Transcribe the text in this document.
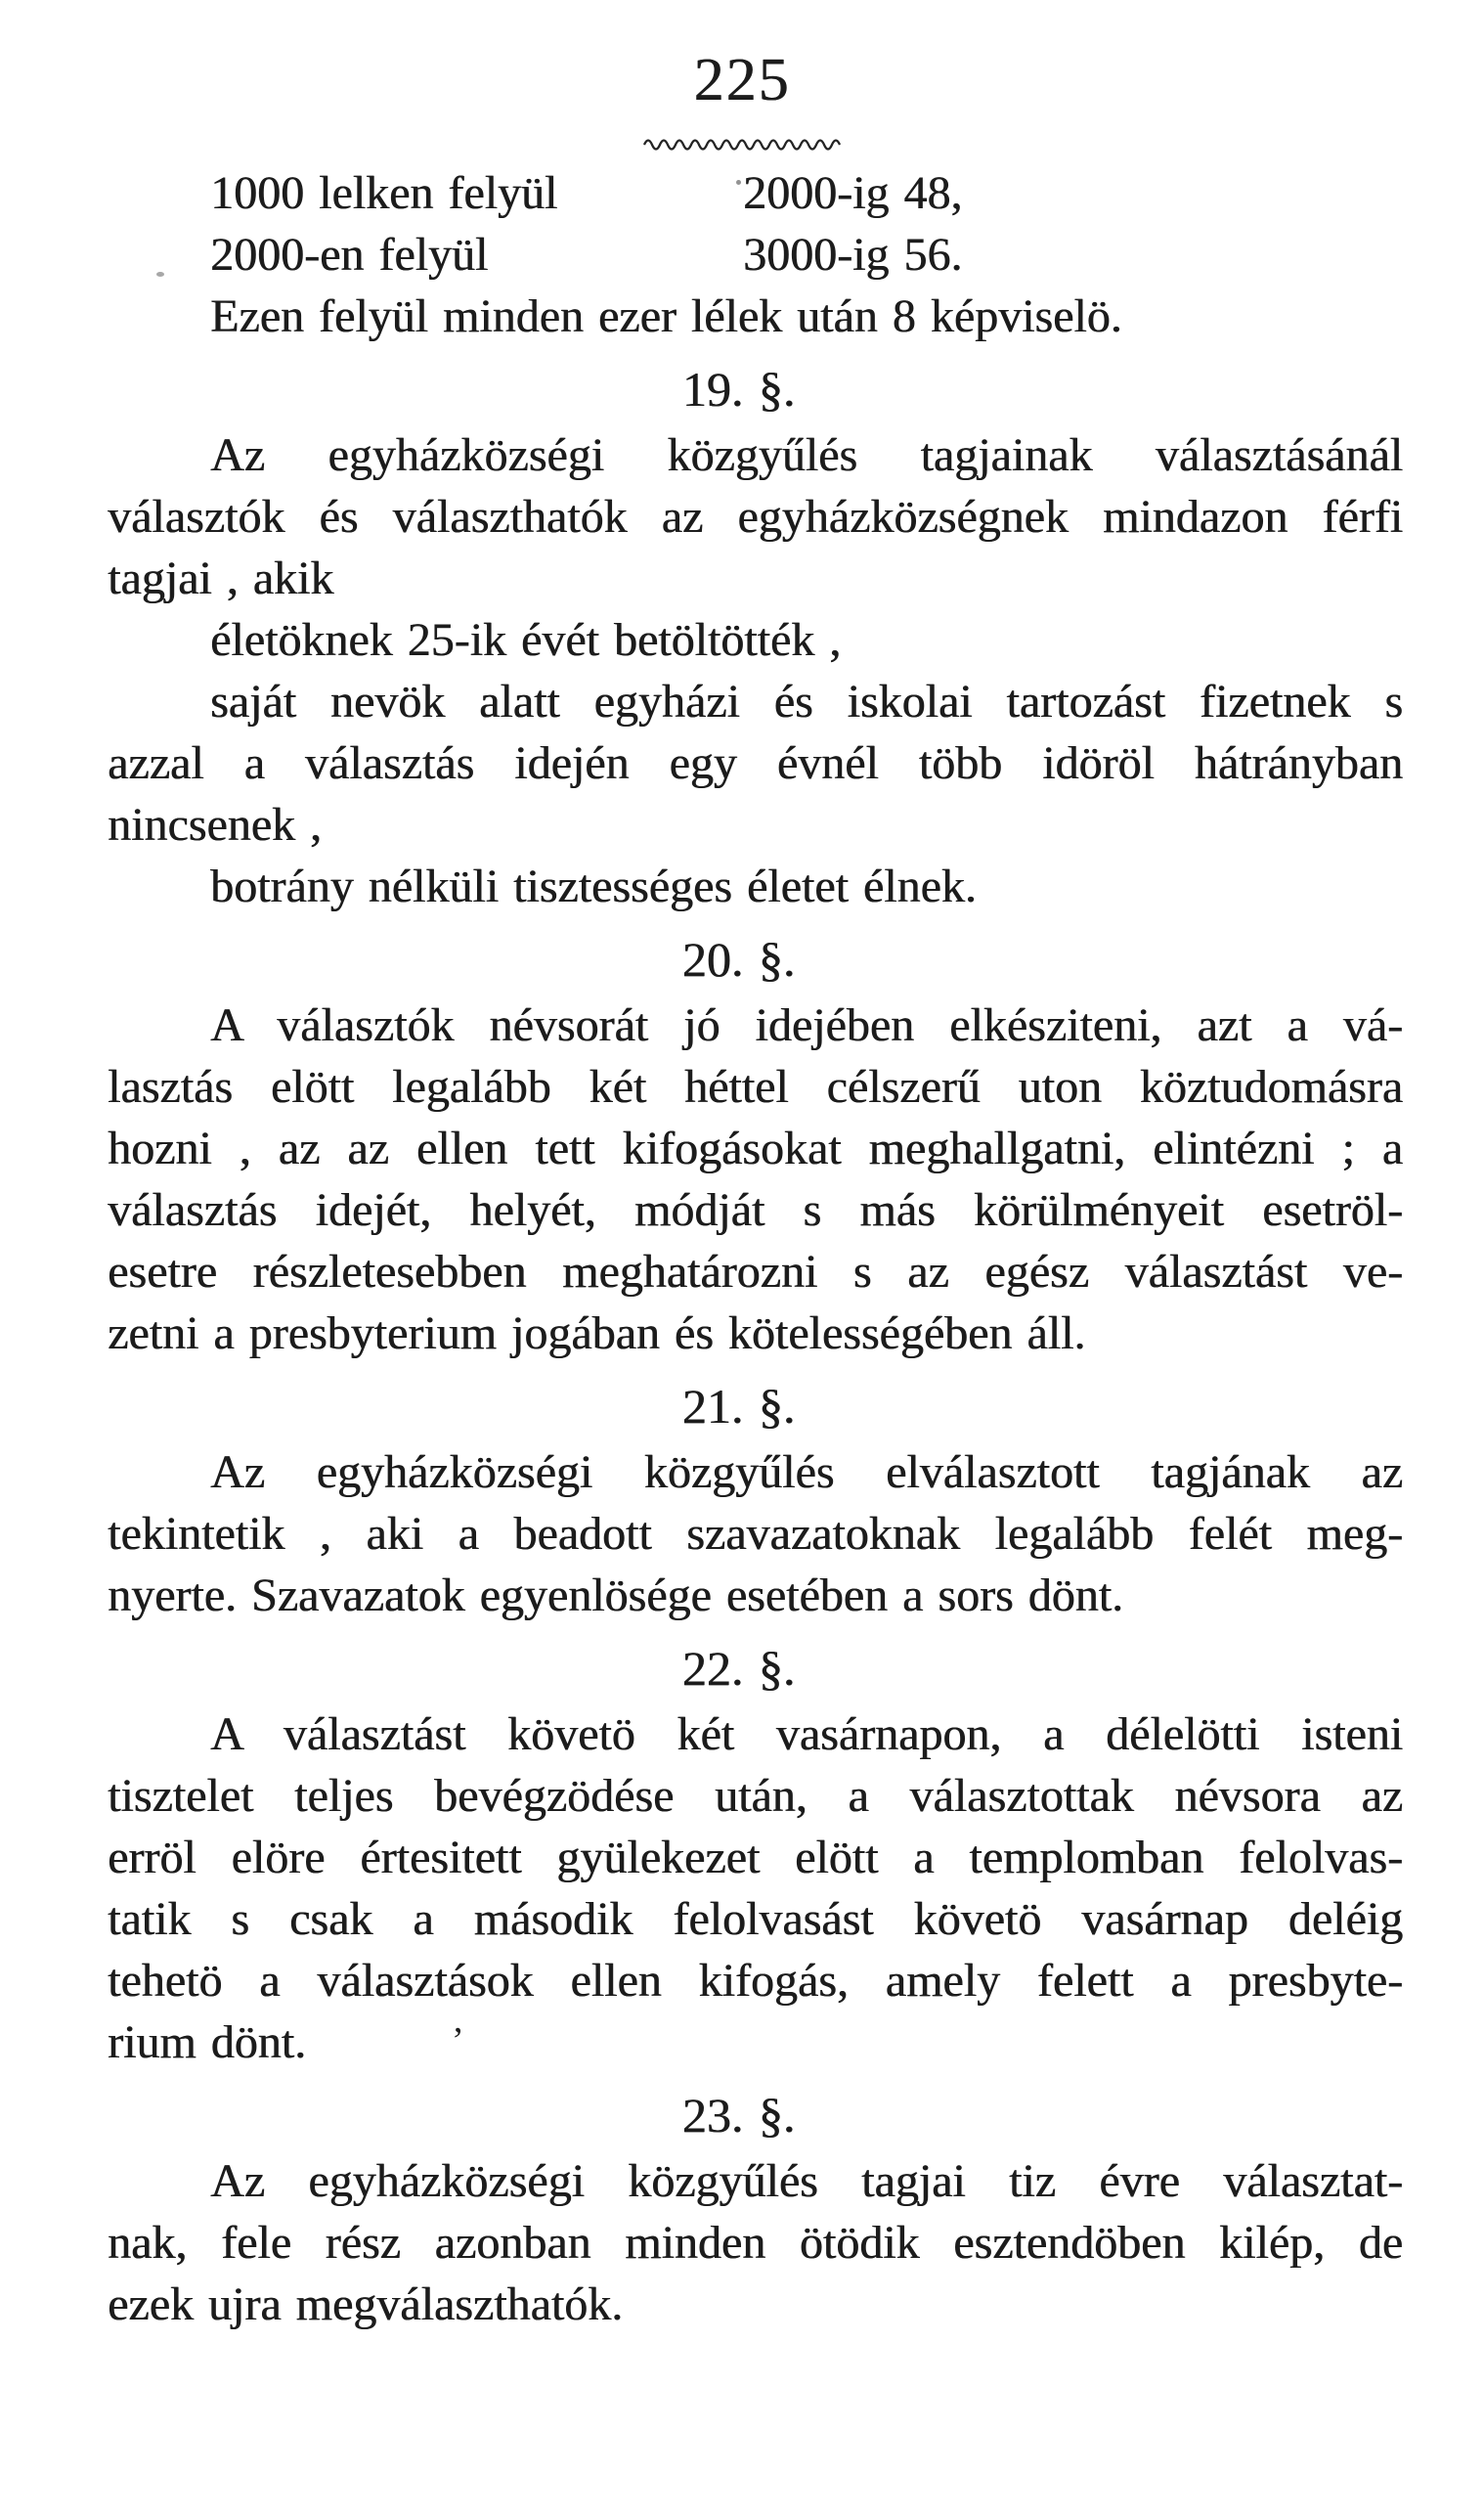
225
’
1000 lelken felyül	2000-ig 48,
2000-en felyül	3000-ig 56.
Ezen felyül minden ezer lélek után 8 képviselö.
19. §.
Az egyházközségi közgyűlés tagjainak választásánál
választók és választhatók az egyházközségnek mindazon férfi
tagjai , akik
életöknek 25-ik évét betöltötték ,
saját nevök alatt egyházi és iskolai tartozást fizetnek s
azzal a választás idején egy évnél több idöröl hátrányban
nincsenek ,
botrány nélküli tisztességes életet élnek.
20. §.
A választók névsorát jó idejében elkésziteni, azt a vá-
lasztás elött legalább két héttel célszerű uton köztudomásra
hozni , az az ellen tett kifogásokat meghallgatni, elintézni ; a
választás idejét, helyét, módját s más körülményeit esetröl-
esetre részletesebben meghatározni s az egész választást ve-
zetni a presbyterium jogában és kötelességében áll.
21. §.
Az egyházközségi közgyűlés elválasztott tagjának az
tekintetik , aki a beadott szavazatoknak legalább felét meg-
nyerte. Szavazatok egyenlösége esetében a sors dönt.
22. §.
A választást követö két vasárnapon, a délelötti isteni
tisztelet teljes bevégzödése után, a választottak névsora az
erröl elöre értesitett gyülekezet elött a templomban felolvas-
tatik s csak a második felolvasást követö vasárnap deléig
tehetö a választások ellen kifogás, amely felett a presbyte-
rium dönt.
23. §.
Az egyházközségi közgyűlés tagjai tiz évre választat-
nak, fele rész azonban minden ötödik esztendöben kilép, de
ezek ujra megválaszthatók.
